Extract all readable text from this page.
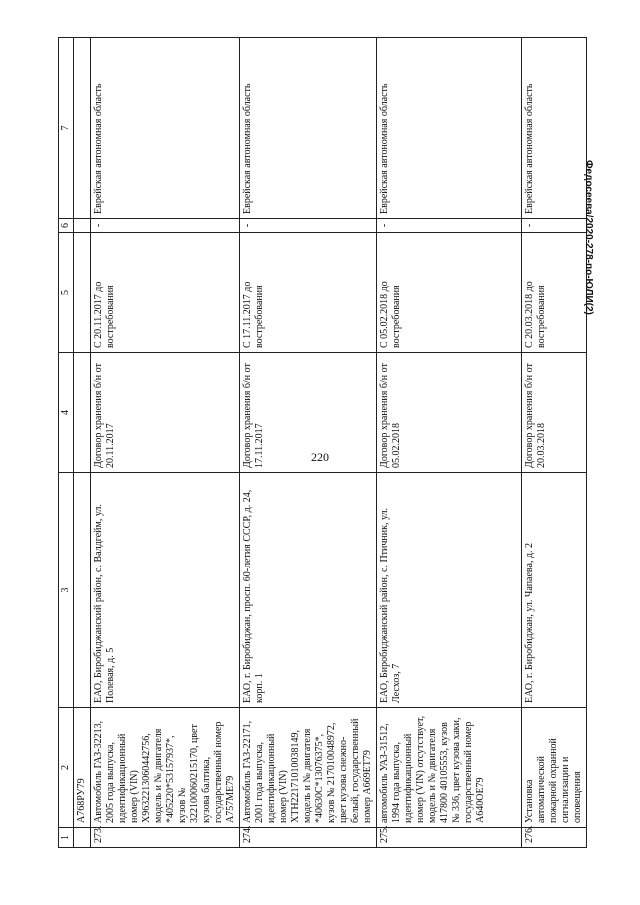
220
1	2	3	4	5	6	7
	А768РУ79					
273.	Автомобиль ГАЗ-32213, 2005 года выпуска, идентификационный номер (VIN) Х9632213060442756, модель и № двигателя *405220*53157937*, кузов № 322100060215170, цвет кузова балтика, государственный номер А757МЕ79	ЕАО, Биробиджанский район, с. Валдгейм, ул. Полевая, д. 5	Договор хранения б/н от 20.11.2017	С 20.11.2017 до востребования	-	Еврейская автономная область
274.	Автомобиль ГАЗ-22171, 2001 года выпуска, идентификационный номер (VIN) ХТН22171010038149, модель и № двигателя *40630С*13076375*, кузов № 217010048972, цвет кузова снежно-белый, государственный номер А669ЕТ79	ЕАО, г. Биробиджан, просп. 60-летия СССР, д. 24, корп. 1	Договор хранения б/н от 17.11.2017	С 17.11.2017 до востребования	-	Еврейская автономная область
275.	автомобиль УАЗ-31512, 1994 года выпуска, идентификационный номер (VIN) отсутствует, модель и № двигателя 417800 40105553, кузов № 336, цвет кузова хаки, государственный номер А640ОЕ79	ЕАО, Биробиджанский район, с. Птичник, ул. Лесхоз, 7	Договор хранения б/н от 05.02.2018	С 05.02.2018 до востребования	-	Еврейская автономная область
276.	Установка автоматической пожарной охранной сигнализации и оповещения	ЕАО, г. Биробиджан, ул. Чапаева, д. 2	Договор хранения б/н от 20.03.2018	С 20.03.2018 до востребования	-	Еврейская автономная область
Федосеева/2020-278-по-ЮЛИ(2)
